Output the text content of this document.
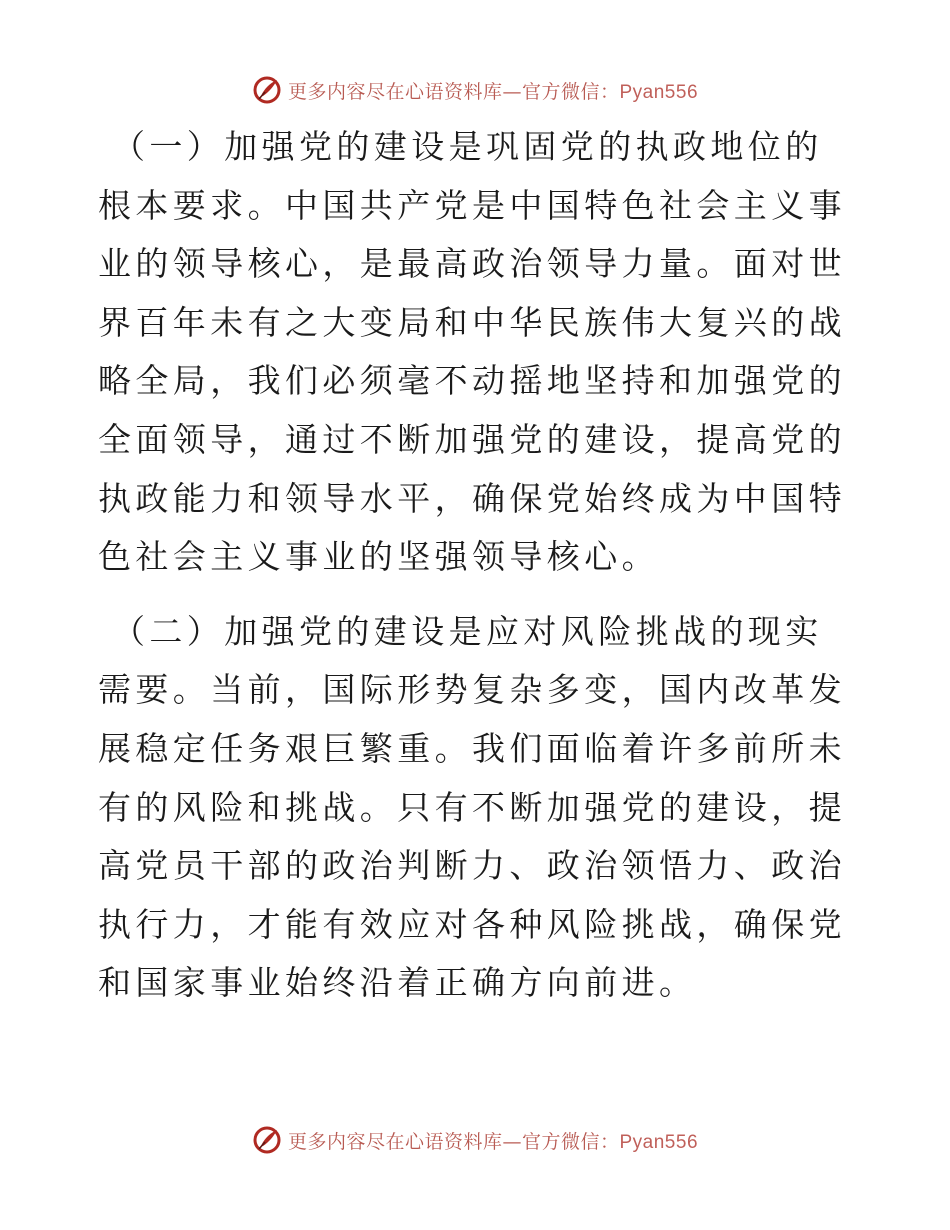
更多内容尽在心语资料库—官方微信：Pyan556

（一）加强党的建设是巩固党的执政地位的根本要求。中国共产党是中国特色社会主义事业的领导核心，是最高政治领导力量。面对世界百年未有之大变局和中华民族伟大复兴的战略全局，我们必须毫不动摇地坚持和加强党的全面领导，通过不断加强党的建设，提高党的执政能力和领导水平，确保党始终成为中国特色社会主义事业的坚强领导核心。

（二）加强党的建设是应对风险挑战的现实需要。当前，国际形势复杂多变，国内改革发展稳定任务艰巨繁重。我们面临着许多前所未有的风险和挑战。只有不断加强党的建设，提高党员干部的政治判断力、政治领悟力、政治执行力，才能有效应对各种风险挑战，确保党和国家事业始终沿着正确方向前进。

更多内容尽在心语资料库—官方微信：Pyan556
